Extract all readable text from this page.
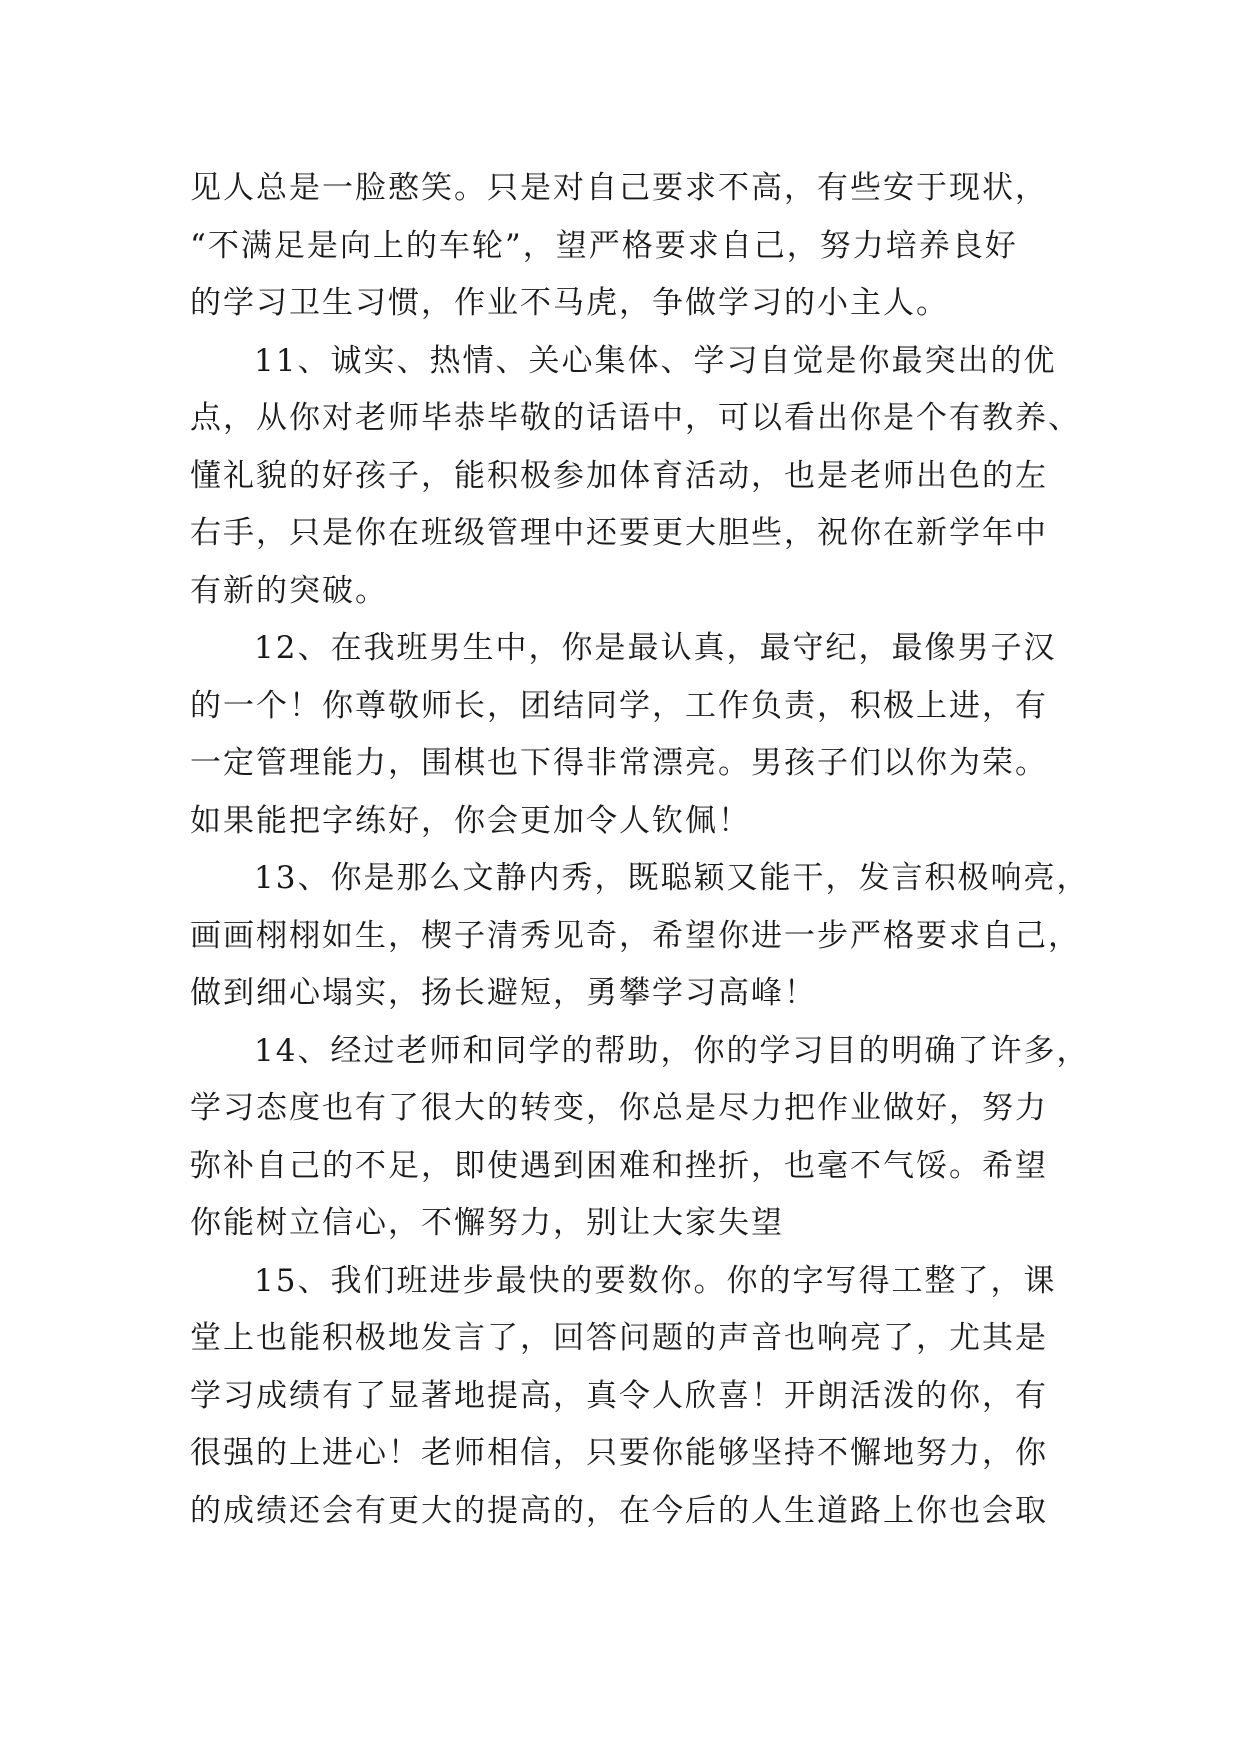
见人总是一脸憨笑。只是对自己要求不高，有些安于现状，
“不满足是向上的车轮”，望严格要求自己，努力培养良好
的学习卫生习惯，作业不马虎，争做学习的小主人。
11、诚实、热情、关心集体、学习自觉是你最突出的优
点，从你对老师毕恭毕敬的话语中，可以看出你是个有教养、
懂礼貌的好孩子，能积极参加体育活动，也是老师出色的左
右手，只是你在班级管理中还要更大胆些，祝你在新学年中
有新的突破。
12、在我班男生中，你是最认真，最守纪，最像男子汉
的一个！你尊敬师长，团结同学，工作负责，积极上进，有
一定管理能力，围棋也下得非常漂亮。男孩子们以你为荣。
如果能把字练好，你会更加令人钦佩！
13、你是那么文静内秀，既聪颖又能干，发言积极响亮，
画画栩栩如生，楔子清秀见奇，希望你进一步严格要求自己，
做到细心塌实，扬长避短，勇攀学习高峰！
14、经过老师和同学的帮助，你的学习目的明确了许多，
学习态度也有了很大的转变，你总是尽力把作业做好，努力
弥补自己的不足，即使遇到困难和挫折，也毫不气馁。希望
你能树立信心，不懈努力，别让大家失望
15、我们班进步最快的要数你。你的字写得工整了，课
堂上也能积极地发言了，回答问题的声音也响亮了，尤其是
学习成绩有了显著地提高，真令人欣喜！开朗活泼的你，有
很强的上进心！老师相信，只要你能够坚持不懈地努力，你
的成绩还会有更大的提高的，在今后的人生道路上你也会取
